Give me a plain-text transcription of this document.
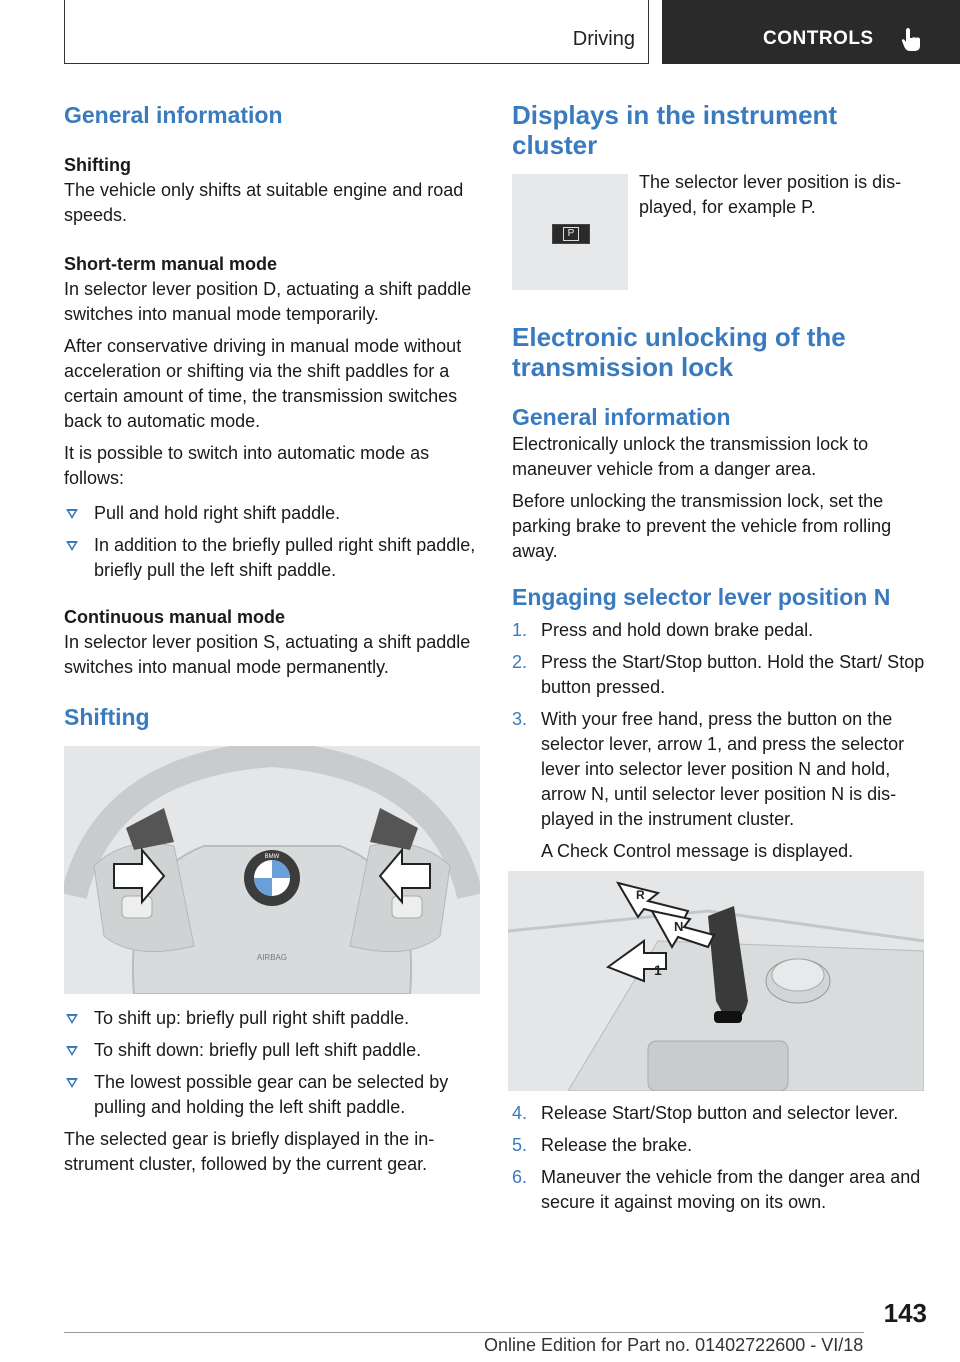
Driving	CONTROLS
General information
Shifting

The vehicle only shifts at suitable engine and road speeds.

Short-term manual mode

In selector lever position D, actuating a shift paddle switches into manual mode temporarily.

After conservative driving in manual mode without acceleration or shifting via the shift paddles for a certain amount of time, the transmission switches back to automatic mode.

It is possible to switch into automatic mode as follows:

Pull and hold right shift paddle.
In addition to the briefly pulled right shift paddle, briefly pull the left shift paddle.
Continuous manual mode

In selector lever position S, actuating a shift paddle switches into manual mode permanently.

Shifting
BMW
AIRBAG
To shift up: briefly pull right shift paddle.
To shift down: briefly pull left shift paddle.
The lowest possible gear can be selected by pulling and holding the left shift paddle.

The selected gear is briefly displayed in the instrument cluster, followed by the current gear.

Displays in the instrument cluster
P

The selector lever position is displayed, for example P.

Electronic unlocking of the transmission lock
General information

Electronically unlock the transmission lock to maneuver vehicle from a danger area.

Before unlocking the transmission lock, set the parking brake to prevent the vehicle from rolling away.

Engaging selector lever position N
1. Press and hold down brake pedal.
2. Press the Start/Stop button. Hold the Start/ Stop button pressed.
3. With your free hand, press the button on the selector lever, arrow 1, and press the selector lever into selector lever position N and hold, arrow N, until selector lever position N is displayed in the instrument cluster.
A Check Control message is displayed.
R
N
1
4. Release Start/Stop button and selector lever.
5. Release the brake.
6. Maneuver the vehicle from the danger area and secure it against moving on its own.
143
Online Edition for Part no. 01402722600 - VI/18
